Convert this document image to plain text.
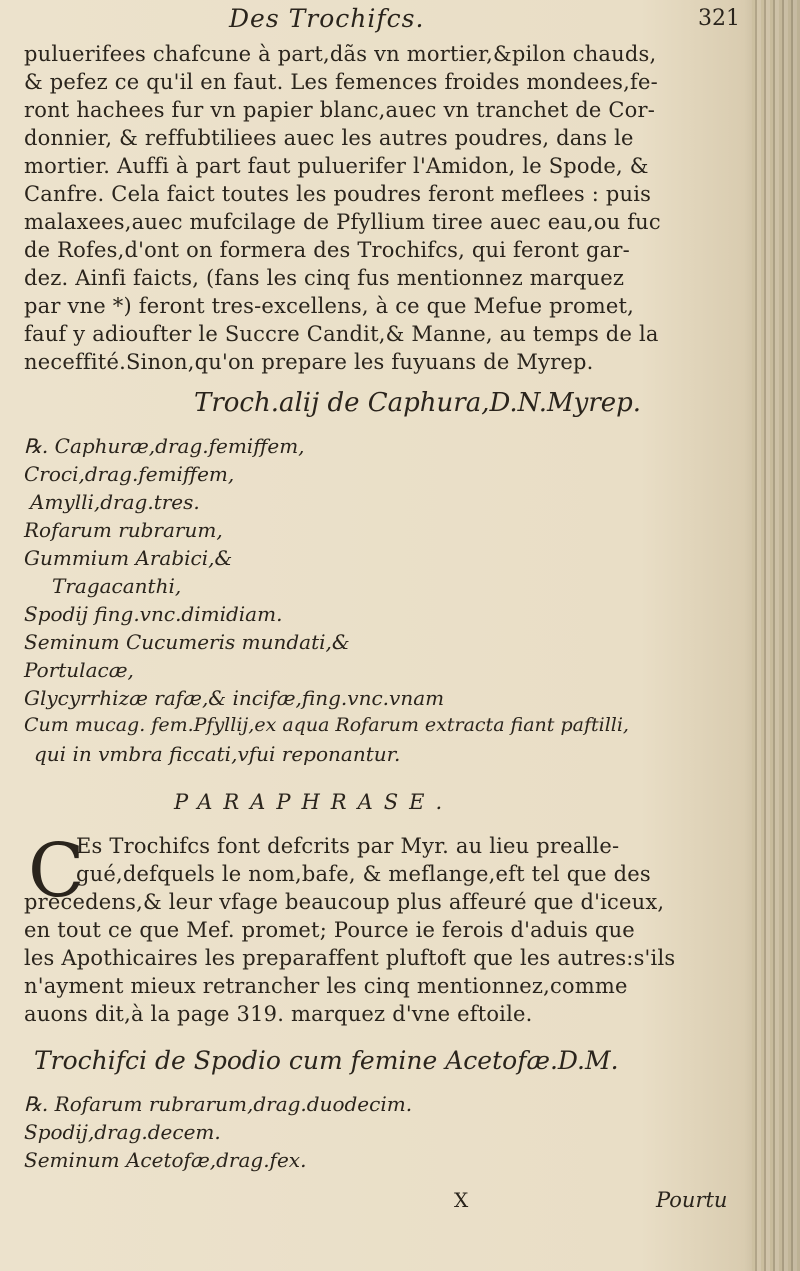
Des Trochifcs.	321
puluerifees chafcune à part,dãs vn mortier,&pilon chauds,
& pefez ce qu'il en faut. Les femences froides mondees,fe-
ront hachees fur vn papier blanc,auec vn tranchet de Cor-
donnier, & reffubtiliees auec les autres poudres, dans le
mortier. Auffi à part faut puluerifer l'Amidon, le Spode, &
Canfre. Cela faict toutes les poudres feront meflees : puis
malaxees,auec mufcilage de Pfyllium tiree auec eau,ou fuc
de Rofes,d'ont on formera des Trochifcs, qui feront gar-
dez. Ainfi faicts, (fans les cinq fus mentionnez marquez
par vne *) feront tres-excellens, à ce que Mefue promet,
fauf y adioufter le Succre Candit,& Manne, au temps de la
neceffité.Sinon,qu'on prepare les fuyuans de Myrep.
Troch.alij de Caphura,D.N.Myrep.
℞. Caphuræ,drag.femiffem,
Croci,drag.femiffem,
Amylli,drag.tres.
Rofarum rubrarum,
Gummium Arabici,&
Tragacanthi,
Spodij fing.vnc.dimidiam.
Seminum Cucumeris mundati,&
Portulacæ,
Glycyrrhizæ rafæ,& incifæ,fing.vnc.vnam
Cum mucag. fem.Pfyllij,ex aqua Rofarum extracta fiant paftilli,
qui in vmbra ficcati,vfui reponantur.
PARAPHRASE.
C
Es Trochifcs font defcrits par Myr. au lieu prealle-
gué,defquels le nom,bafe, & meflange,eft tel que des
precedens,& leur vfage beaucoup plus affeuré que d'iceux,
en tout ce que Mef. promet; Pource ie ferois d'aduis que
les Apothicaires les preparaffent pluftoft que les autres:s'ils
n'ayment mieux retrancher les cinq mentionnez,comme
auons dit,à la page 319. marquez d'vne eftoile.
Trochifci de Spodio cum femine Acetofæ.D.M.
℞. Rofarum rubrarum,drag.duodecim.
Spodij,drag.decem.
Seminum Acetofæ,drag.fex.
X	Pourtu
